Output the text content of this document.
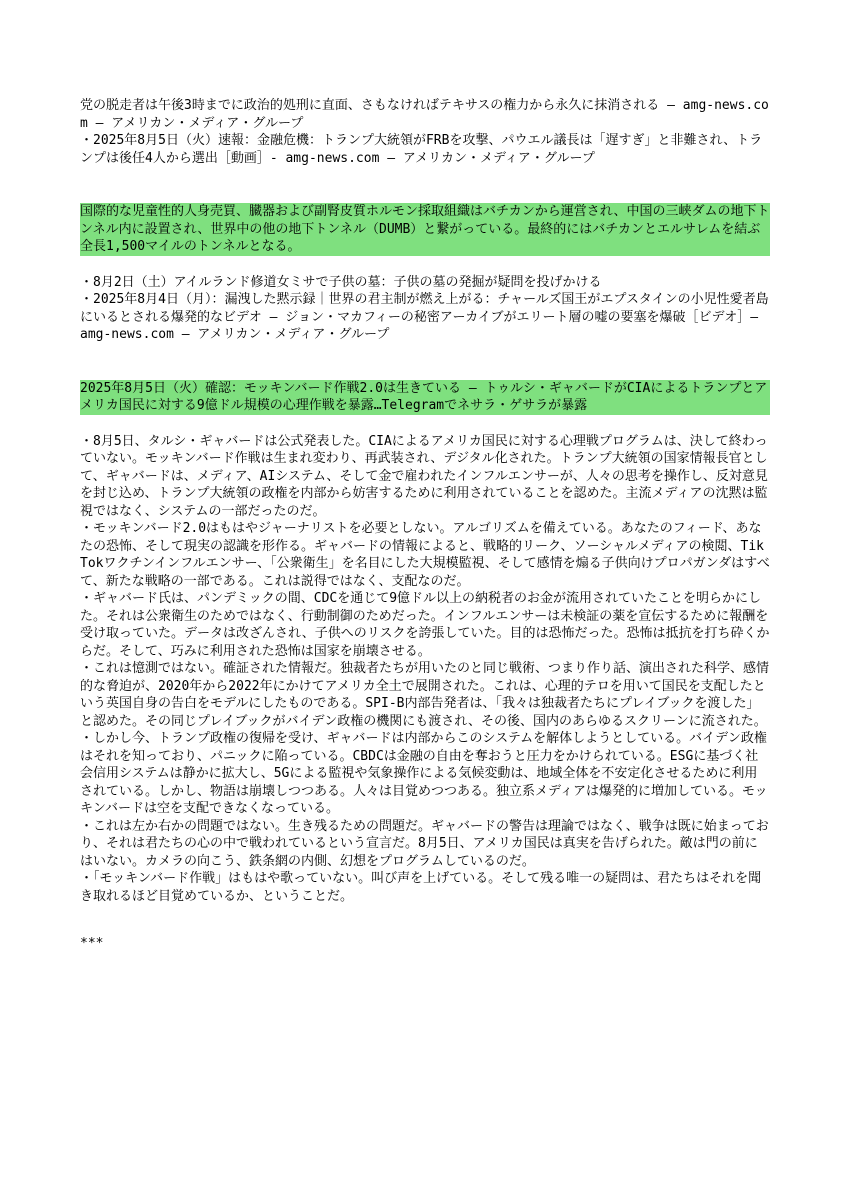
党の脱走者は午後3時までに政治的処刑に直面、さもなければテキサスの権力から永久に抹消される – amg-news.com – アメリカン・メディア・グループ
・2025年8月5日（火）速報：金融危機：トランプ大統領がFRBを攻撃、パウエル議長は「遅すぎ」と非難され、トランプは後任4人から選出［動画］- amg-news.com – アメリカン・メディア・グループ

国際的な児童性的人身売買、臓器および副腎皮質ホルモン採取組織はバチカンから運営され、中国の三峡ダムの地下トンネル内に設置され、世界中の他の地下トンネル（DUMB）と繋がっている。最終的にはバチカンとエルサレムを結ぶ全長1,500マイルのトンネルとなる。

・8月2日（土）アイルランド修道女ミサで子供の墓：子供の墓の発掘が疑問を投げかける
・2025年8月4日（月）：漏洩した黙示録｜世界の君主制が燃え上がる：チャールズ国王がエプスタインの小児性愛者島にいるとされる爆発的なビデオ — ジョン・マカフィーの秘密アーカイブがエリート層の嘘の要塞を爆破［ビデオ］— amg-news.com — アメリカン・メディア・グループ

2025年8月5日（火）確認：モッキンバード作戦2.0は生きている – トゥルシ・ギャバードがCIAによるトランプとアメリカ国民に対する9億ドル規模の心理作戦を暴露…Telegramでネサラ・ゲサラが暴露

・8月5日、タルシ・ギャバードは公式発表した。CIAによるアメリカ国民に対する心理戦プログラムは、決して終わっていない。モッキンバード作戦は生まれ変わり、再武装され、デジタル化された。トランプ大統領の国家情報長官として、ギャバードは、メディア、AIシステム、そして金で雇われたインフルエンサーが、人々の思考を操作し、反対意見を封じ込め、トランプ大統領の政権を内部から妨害するために利用されていることを認めた。主流メディアの沈黙は監視ではなく、システムの一部だったのだ。
・モッキンバード2.0はもはやジャーナリストを必要としない。アルゴリズムを備えている。あなたのフィード、あなたの恐怖、そして現実の認識を形作る。ギャバードの情報によると、戦略的リーク、ソーシャルメディアの検閲、TikTokワクチンインフルエンサー、「公衆衛生」を名目にした大規模監視、そして感情を煽る子供向けプロパガンダはすべて、新たな戦略の一部である。これは説得ではなく、支配なのだ。
・ギャバード氏は、パンデミックの間、CDCを通じて9億ドル以上の納税者のお金が流用されていたことを明らかにした。それは公衆衛生のためではなく、行動制御のためだった。インフルエンサーは未検証の薬を宣伝するために報酬を受け取っていた。データは改ざんされ、子供へのリスクを誇張していた。目的は恐怖だった。恐怖は抵抗を打ち砕くからだ。そして、巧みに利用された恐怖は国家を崩壊させる。
・これは憶測ではない。確証された情報だ。独裁者たちが用いたのと同じ戦術、つまり作り話、演出された科学、感情的な脅迫が、2020年から2022年にかけてアメリカ全土で展開された。これは、心理的テロを用いて国民を支配したという英国自身の告白をモデルにしたものである。SPI-B内部告発者は、「我々は独裁者たちにプレイブックを渡した」と認めた。その同じプレイブックがバイデン政権の機関にも渡され、その後、国内のあらゆるスクリーンに流された。
・しかし今、トランプ政権の復帰を受け、ギャバードは内部からこのシステムを解体しようとしている。バイデン政権はそれを知っており、パニックに陥っている。CBDCは金融の自由を奪おうと圧力をかけられている。ESGに基づく社会信用システムは静かに拡大し、5Gによる監視や気象操作による気候変動は、地域全体を不安定化させるために利用されている。しかし、物語は崩壊しつつある。人々は目覚めつつある。独立系メディアは爆発的に増加している。モッキンバードは空を支配できなくなっている。
・これは左か右かの問題ではない。生き残るための問題だ。ギャバードの警告は理論ではなく、戦争は既に始まっており、それは君たちの心の中で戦われているという宣言だ。8月5日、アメリカ国民は真実を告げられた。敵は門の前にはいない。カメラの向こう、鉄条網の内側、幻想をプログラムしているのだ。
・「モッキンバード作戦」はもはや歌っていない。叫び声を上げている。そして残る唯一の疑問は、君たちはそれを聞き取れるほど目覚めているか、ということだ。

***
